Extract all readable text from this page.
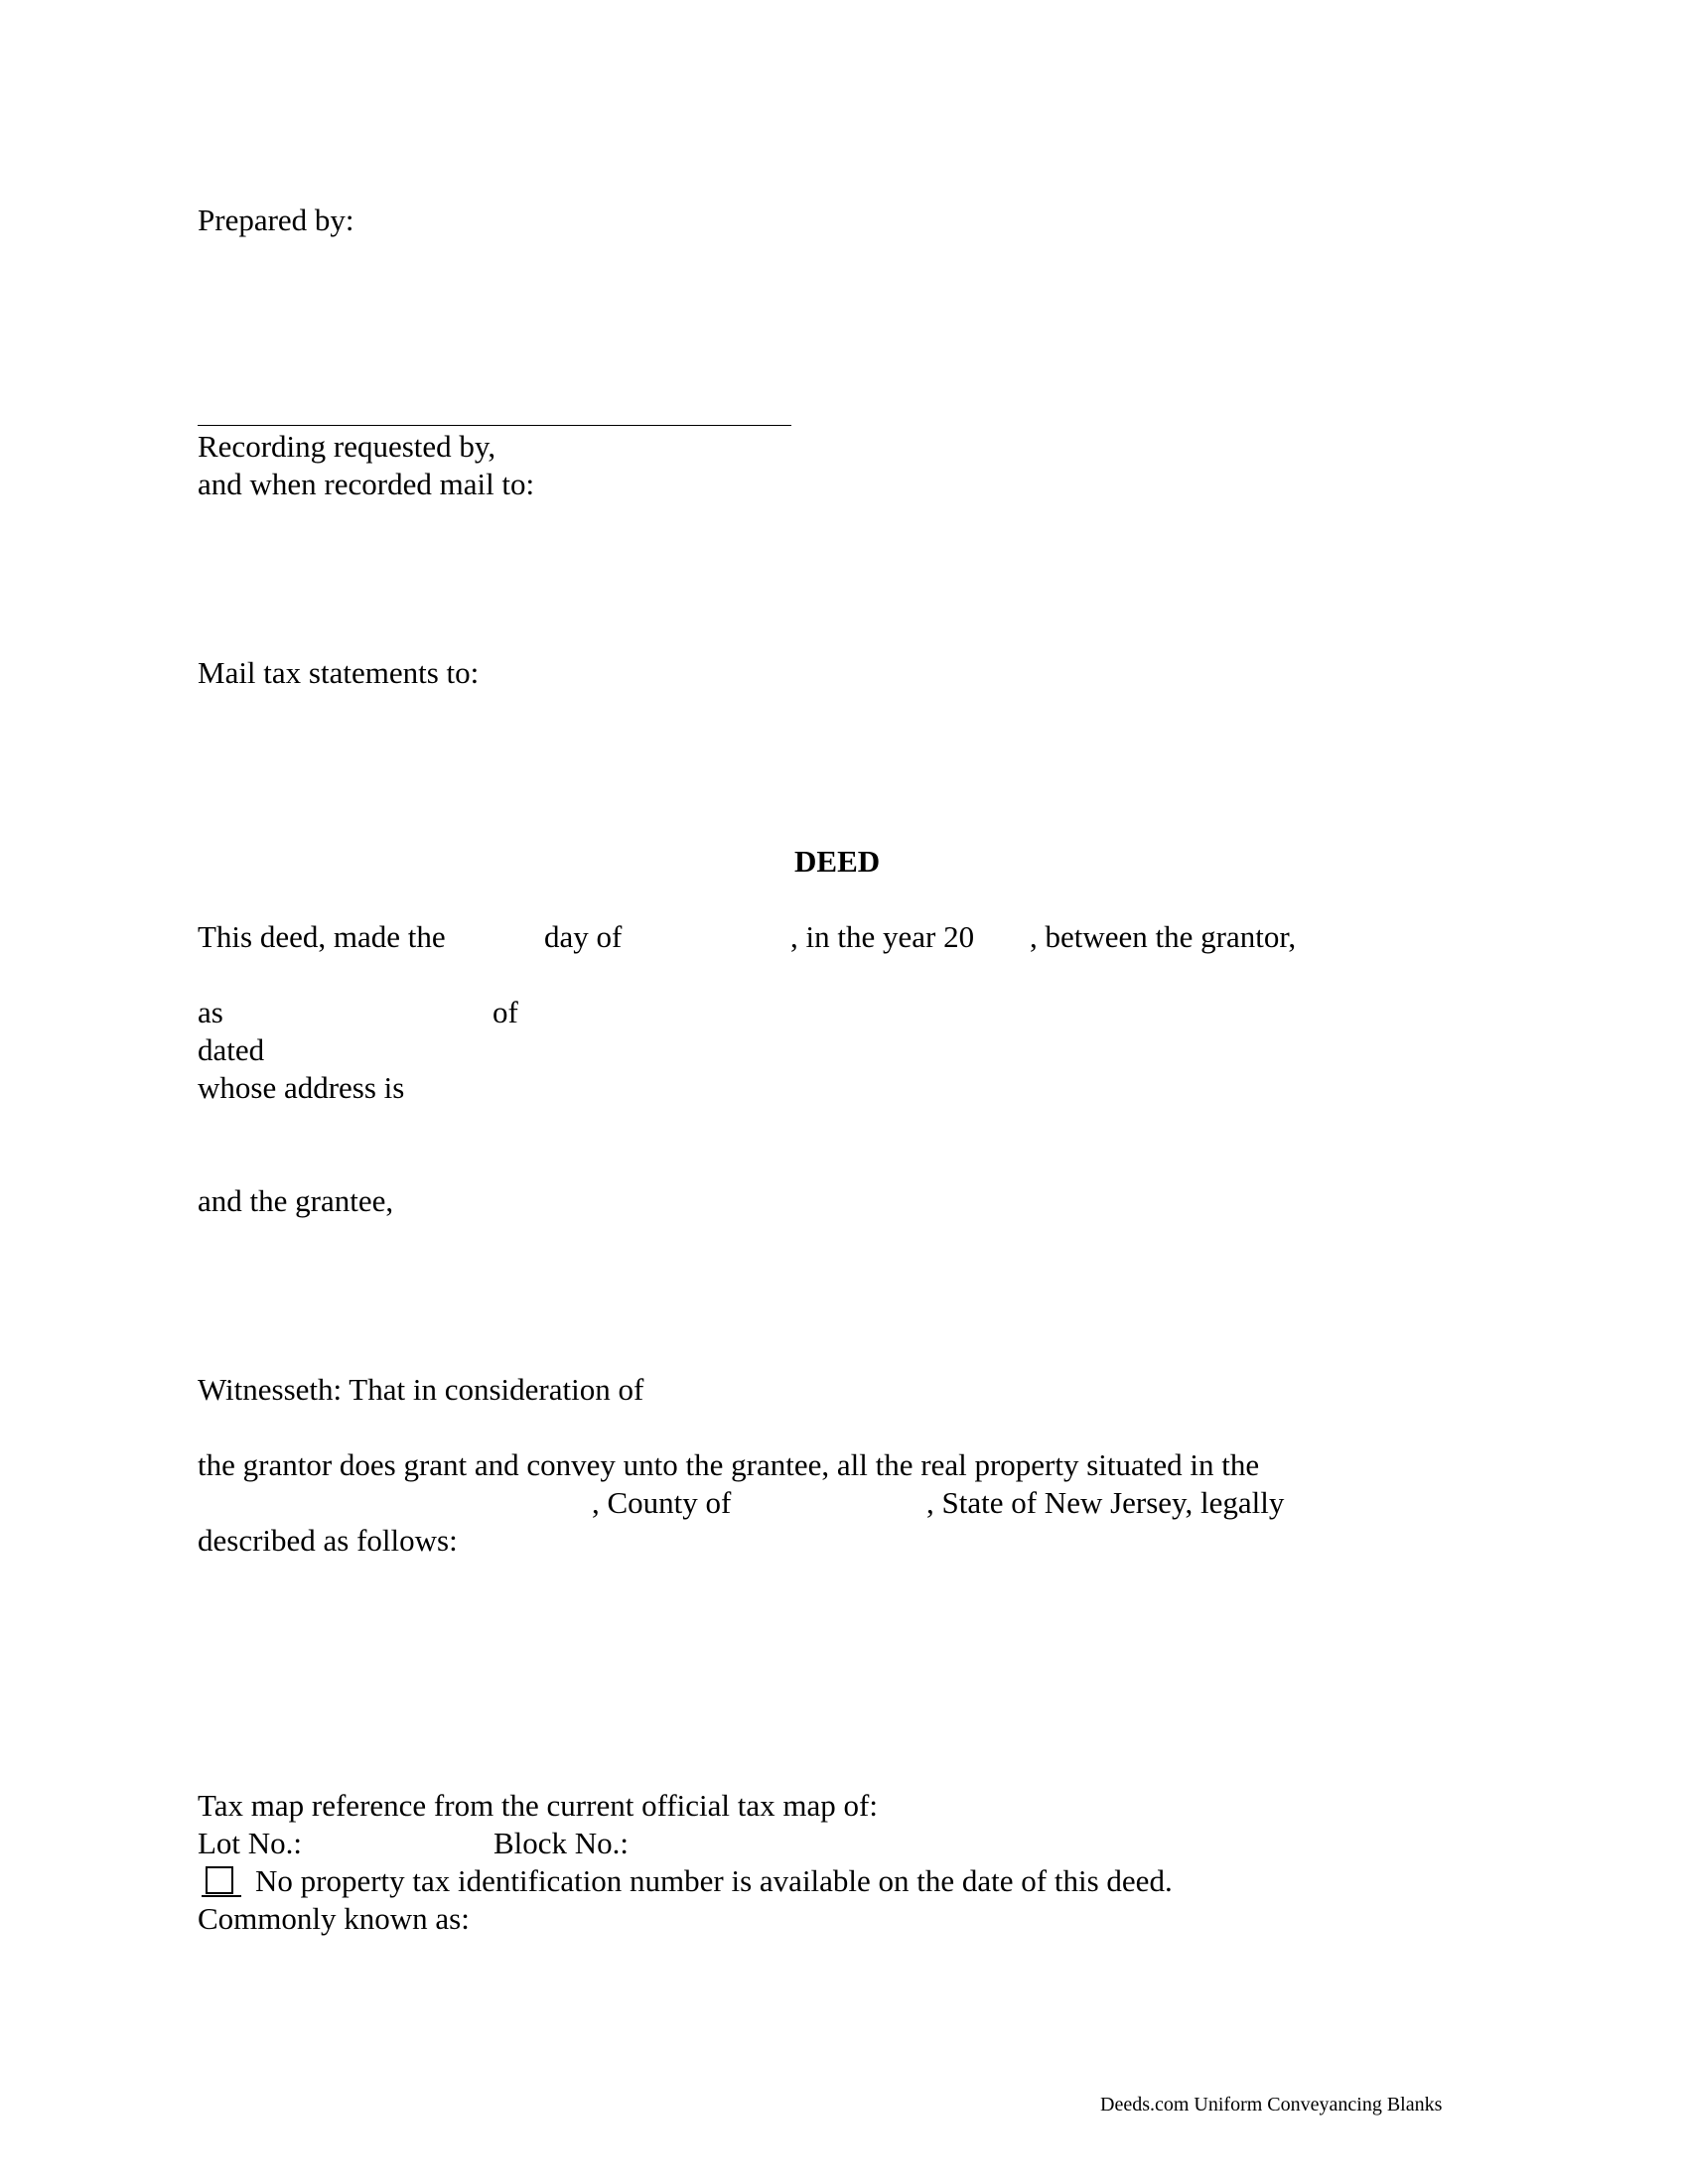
Prepared by:
Recording requested by,
and when recorded mail to:
Mail tax statements to:
DEED
This deed, made the	day of	, in the year 20 , between the grantor,
as	of
dated
whose address is
and the grantee,
Witnesseth: That in consideration of
the grantor does grant and convey unto the grantee, all the real property situated in the
, County of	, State of New Jersey, legally
described as follows:
Tax map reference from the current official tax map of:
Lot No.:	Block No.:
No property tax identification number is available on the date of this deed.
Commonly known as:
Deeds.com Uniform Conveyancing Blanks
